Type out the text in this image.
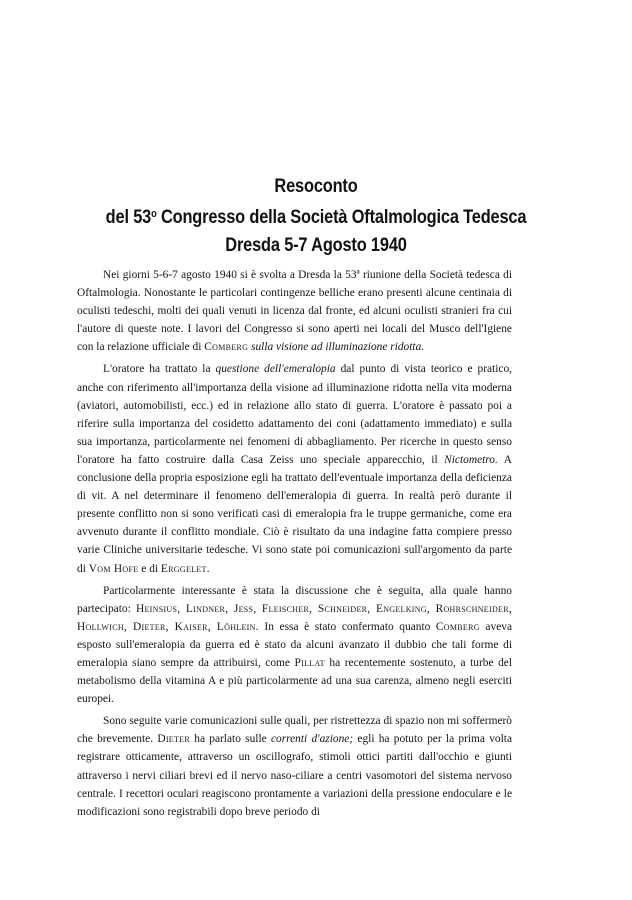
Resoconto
del 53$^o$ Congresso della Società Oftalmologica Tedesca
Dresda 5-7 Agosto 1940

Nei giorni 5-6-7 agosto 1940 si è svolta a Dresda la 53ª riunione della Società tedesca di Oftalmologia. Nonostante le particolari contingenze belliche erano presenti alcune centinaia di oculisti tedeschi, molti dei quali venuti in licenza dal fronte, ed alcuni oculisti stranieri fra cui l'autore di queste note. I lavori del Congresso si sono aperti nei locali del Musco dell'Igiene con la relazione ufficiale di Comberg sulla visione ad illuminazione ridotta.

L'oratore ha trattato la questione dell'emeralopia dal punto di vista teorico e pratico, anche con riferimento all'importanza della visione ad illuminazione ridotta nella vita moderna (aviatori, automobilisti, ecc.) ed in relazione allo stato di guerra. L'oratore è passato poi a riferire sulla importanza del cosidetto adattamento dei coni (adattamento immediato) e sulla sua importanza, particolarmente nei fenomeni di abbagliamento. Per ricerche in questo senso l'oratore ha fatto costruire dalla Casa Zeiss uno speciale apparecchio, il Nictometro. A conclusione della propria esposizione egli ha trattato dell'eventuale importanza della deficienza di vit. A nel determinare il fenomeno dell'emeralopia di guerra. In realtà però durante il presente conflitto non si sono verificati casi di emeralopia fra le truppe germaniche, come era avvenuto durante il conflitto mondiale. Ciò è risultato da una indagine fatta compiere presso varie Cliniche universitarie tedesche. Vi sono state poi comunicazioni sull'argomento da parte di Vom Hofe e di Erggelet.

Particolarmente interessante è stata la discussione che è seguita, alla quale hanno partecipato: Heinsius, Lindner, Jess, Fleischer, Schneider, Engelking, Rohrschneider, Hollwich, Dieter, Kaiser, Löhlein. In essa è stato confermato quanto Comberg aveva esposto sull'emeralopia da guerra ed è stato da alcuni avanzato il dubbio che tali forme di emeralopia siano sempre da attribuirsi, come Pillat ha recentemente sostenuto, a turbe del metabolismo della vitamina A e più particolarmente ad una sua carenza, almeno negli eserciti europei.

Sono seguite varie comunicazioni sulle quali, per ristrettezza di spazio non mi soffermerò che brevemente. Dieter ha parlato sulle correnti d'azione; egli ha potuto per la prima volta registrare otticamente, attraverso un oscillografo, stimoli ottici partiti dall'occhio e giunti attraverso i nervi ciliari brevi ed il nervo naso-ciliare a centri vasomotori del sistema nervoso centrale. I recettori oculari reagiscono prontamente a variazioni della pressione endoculare e le modificazioni sono registrabili dopo breve periodo di
